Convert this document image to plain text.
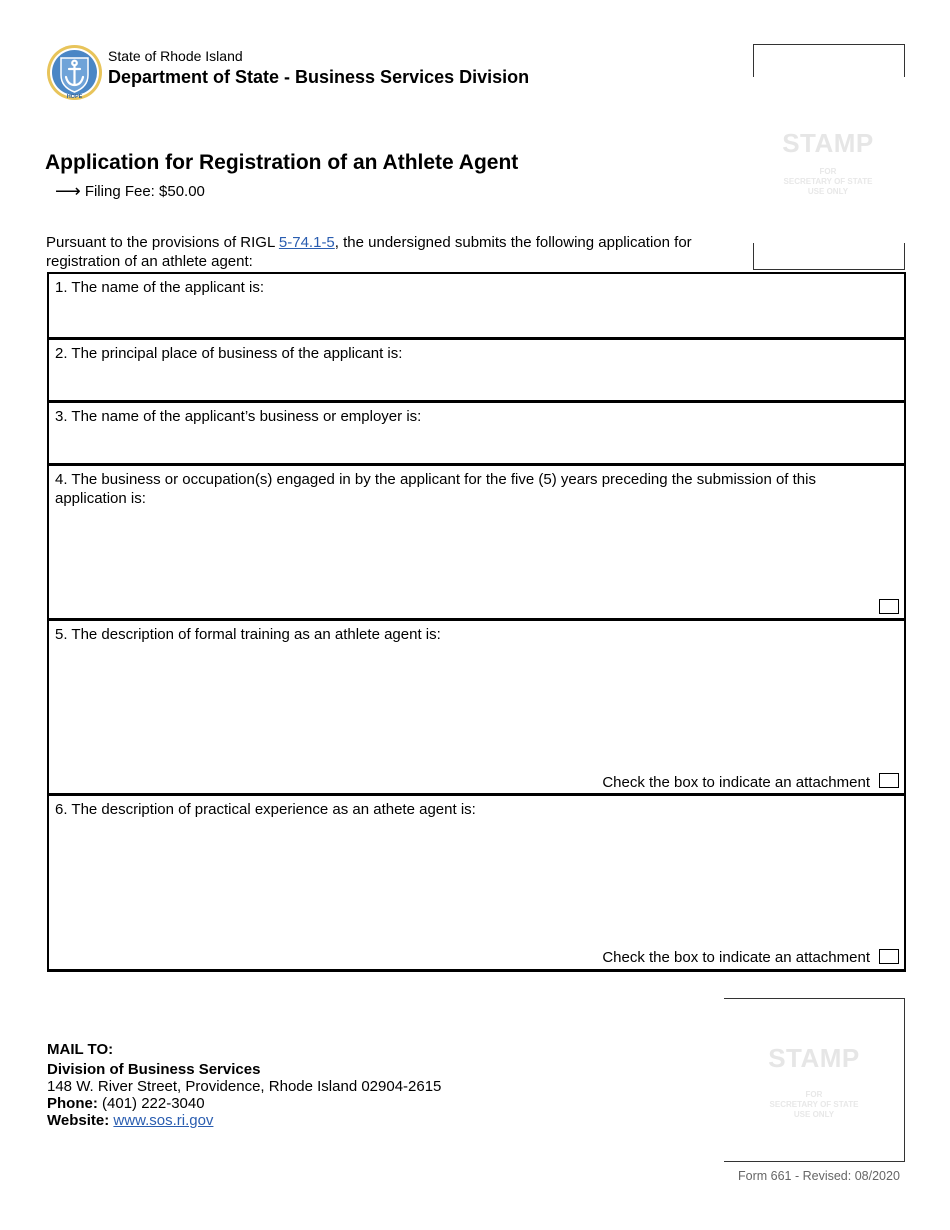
HOPE
State of Rhode Island
Department of State - Business Services Division
STAMP
FOR
SECRETARY OF STATE
USE ONLY
Application for Registration of an Athlete Agent
⟶ Filing Fee: $50.00
Pursuant to the provisions of RIGL 5-74.1-5, the undersigned submits the following application for registration of an athlete agent:
1. The name of the applicant is:
2. The principal place of business of the applicant is:
3. The name of the applicant’s business or employer is:
4. The business or occupation(s) engaged in by the applicant for the five (5) years preceding the submission of this application is:
5. The description of formal training as an athlete agent is:
Check the box to indicate an attachment
6. The description of practical experience as an athete agent is:
Check the box to indicate an attachment
MAIL TO:
Division of Business Services
148 W. River Street, Providence, Rhode Island 02904-2615
Phone: (401) 222-3040
Website: www.sos.ri.gov
STAMP
FOR
SECRETARY OF STATE
USE ONLY
Form 661 - Revised: 08/2020
